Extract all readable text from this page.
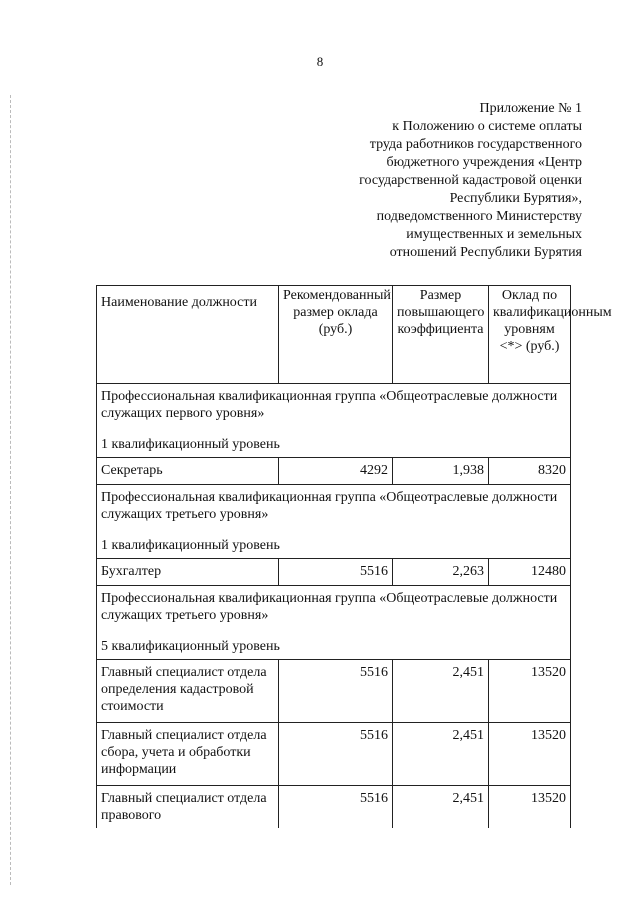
8
Приложение № 1
к Положению о системе оплаты
труда работников государственного
бюджетного учреждения «Центр
государственной кадастровой оценки
Республики Бурятия»,
подведомственного Министерству
имущественных и земельных
отношений Республики Бурятия
Наименование должности	Рекомендованный размер оклада (руб.)	Размер повышающего коэффициента	Оклад по квалификационным уровням <*> (руб.)
Профессиональная квалификационная группа «Общеотраслевые должности служащих первого уровня»
1 квалификационный уровень			

Секретарь	4292	1,938	8320
Профессиональная квалификационная группа «Общеотраслевые должности служащих третьего уровня»
1 квалификационный уровень			

Бухгалтер	5516	2,263	12480
Профессиональная квалификационная группа «Общеотраслевые должности служащих третьего уровня»
5 квалификационный уровень			

Главный специалист отдела определения кадастровой стоимости	5516	2,451	13520
Главный специалист отдела сбора, учета и обработки информации	5516	2,451	13520
Главный специалист отдела правового	5516	2,451	13520
